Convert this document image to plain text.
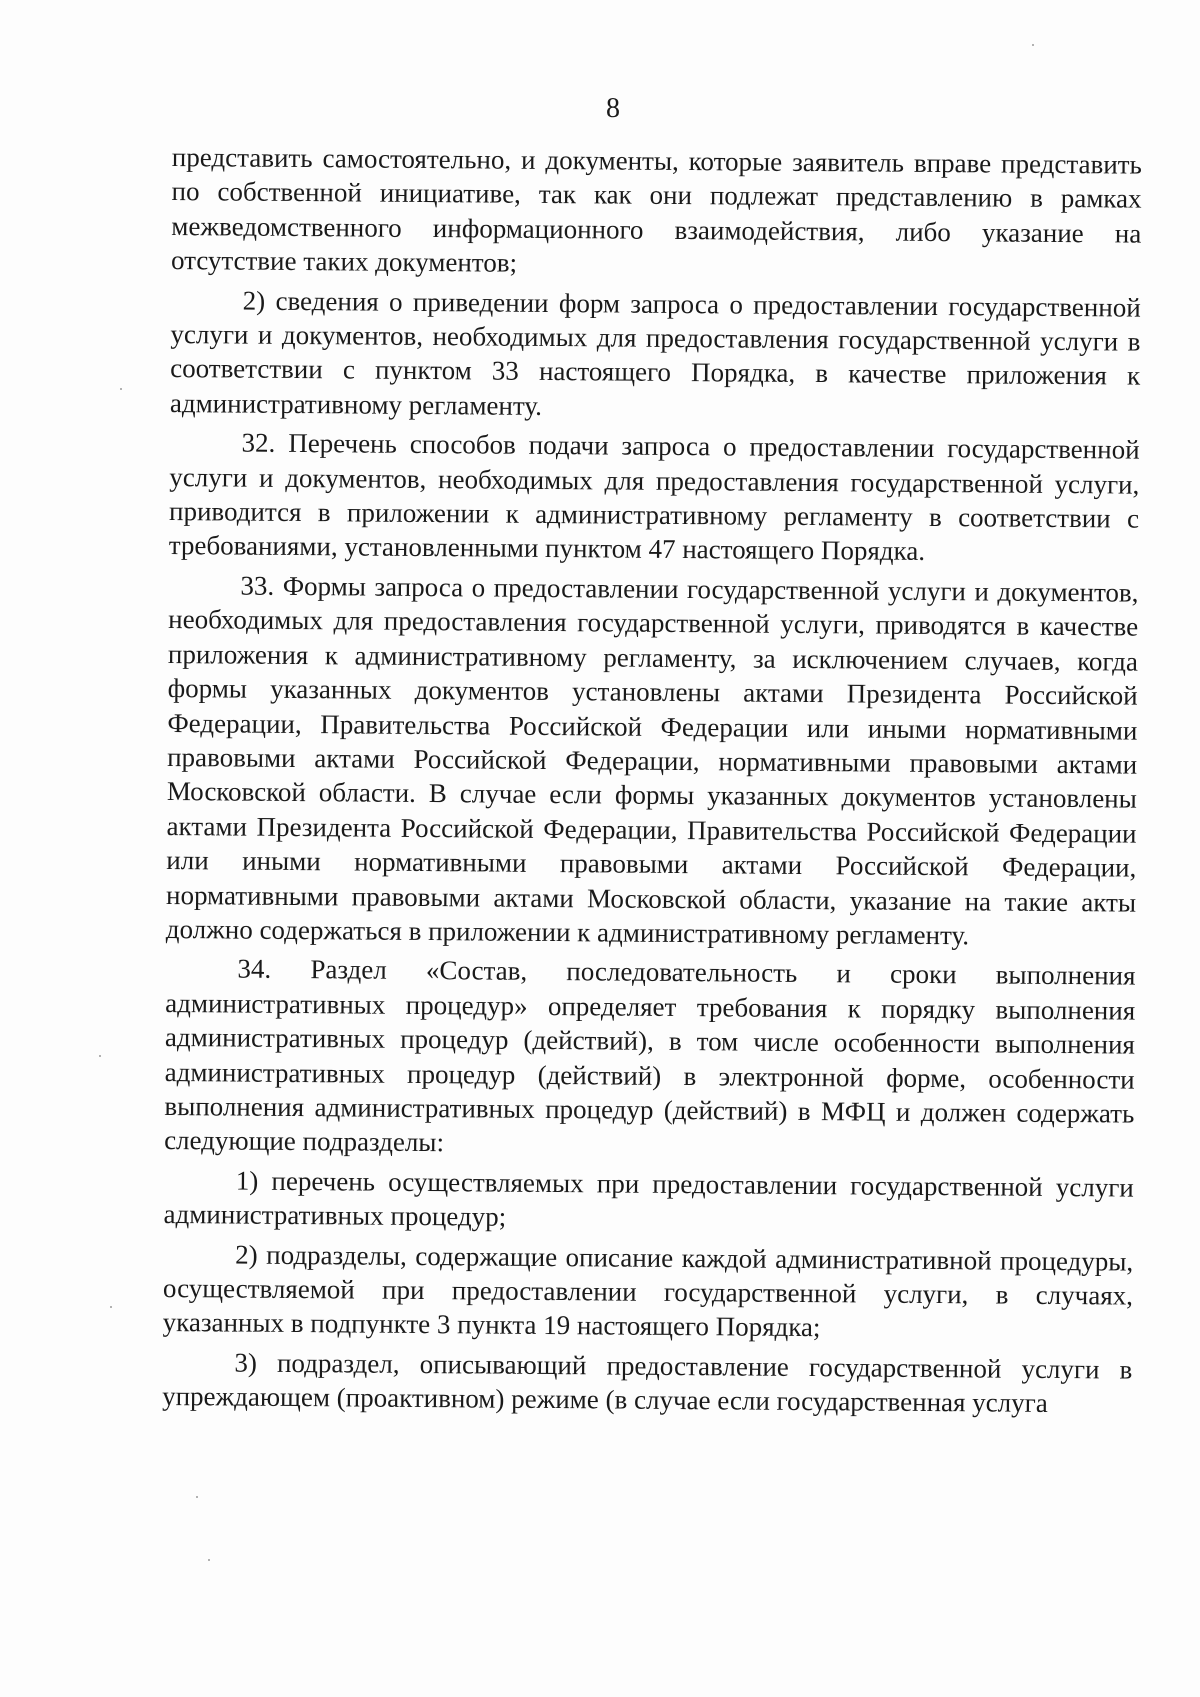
8

представить самостоятельно, и документы, которые заявитель вправе представить по собственной инициативе, так как они подлежат представлению в рамках межведомственного информационного взаимодействия, либо указание на отсутствие таких документов;

2) сведения о приведении форм запроса о предоставлении государственной услуги и документов, необходимых для предоставления государственной услуги в соответствии с пунктом 33 настоящего Порядка, в качестве приложения к административному регламенту.

32. Перечень способов подачи запроса о предоставлении государственной услуги и документов, необходимых для предоставления государственной услуги, приводится в приложении к административному регламенту в соответствии с требованиями, установленными пунктом 47 настоящего Порядка.

33. Формы запроса о предоставлении государственной услуги и документов, необходимых для предоставления государственной услуги, приводятся в качестве приложения к административному регламенту, за исключением случаев, когда формы указанных документов установлены актами Президента Российской Федерации, Правительства Российской Федерации или иными нормативными правовыми актами Российской Федерации, нормативными правовыми актами Московской области. В случае если формы указанных документов установлены актами Президента Российской Федерации, Правительства Российской Федерации или иными нормативными правовыми актами Российской Федерации, нормативными правовыми актами Московской области, указание на такие акты должно содержаться в приложении к административному регламенту.

34. Раздел «Состав, последовательность и сроки выполнения административных процедур» определяет требования к порядку выполнения административных процедур (действий), в том числе особенности выполнения административных процедур (действий) в электронной форме, особенности выполнения административных процедур (действий) в МФЦ и должен содержать следующие подразделы:

1) перечень осуществляемых при предоставлении государственной услуги административных процедур;

2) подразделы, содержащие описание каждой административной процедуры, осуществляемой при предоставлении государственной услуги, в случаях, указанных в подпункте 3 пункта 19 настоящего Порядка;

3) подраздел, описывающий предоставление государственной услуги в упреждающем (проактивном) режиме (в случае если государственная услуга
